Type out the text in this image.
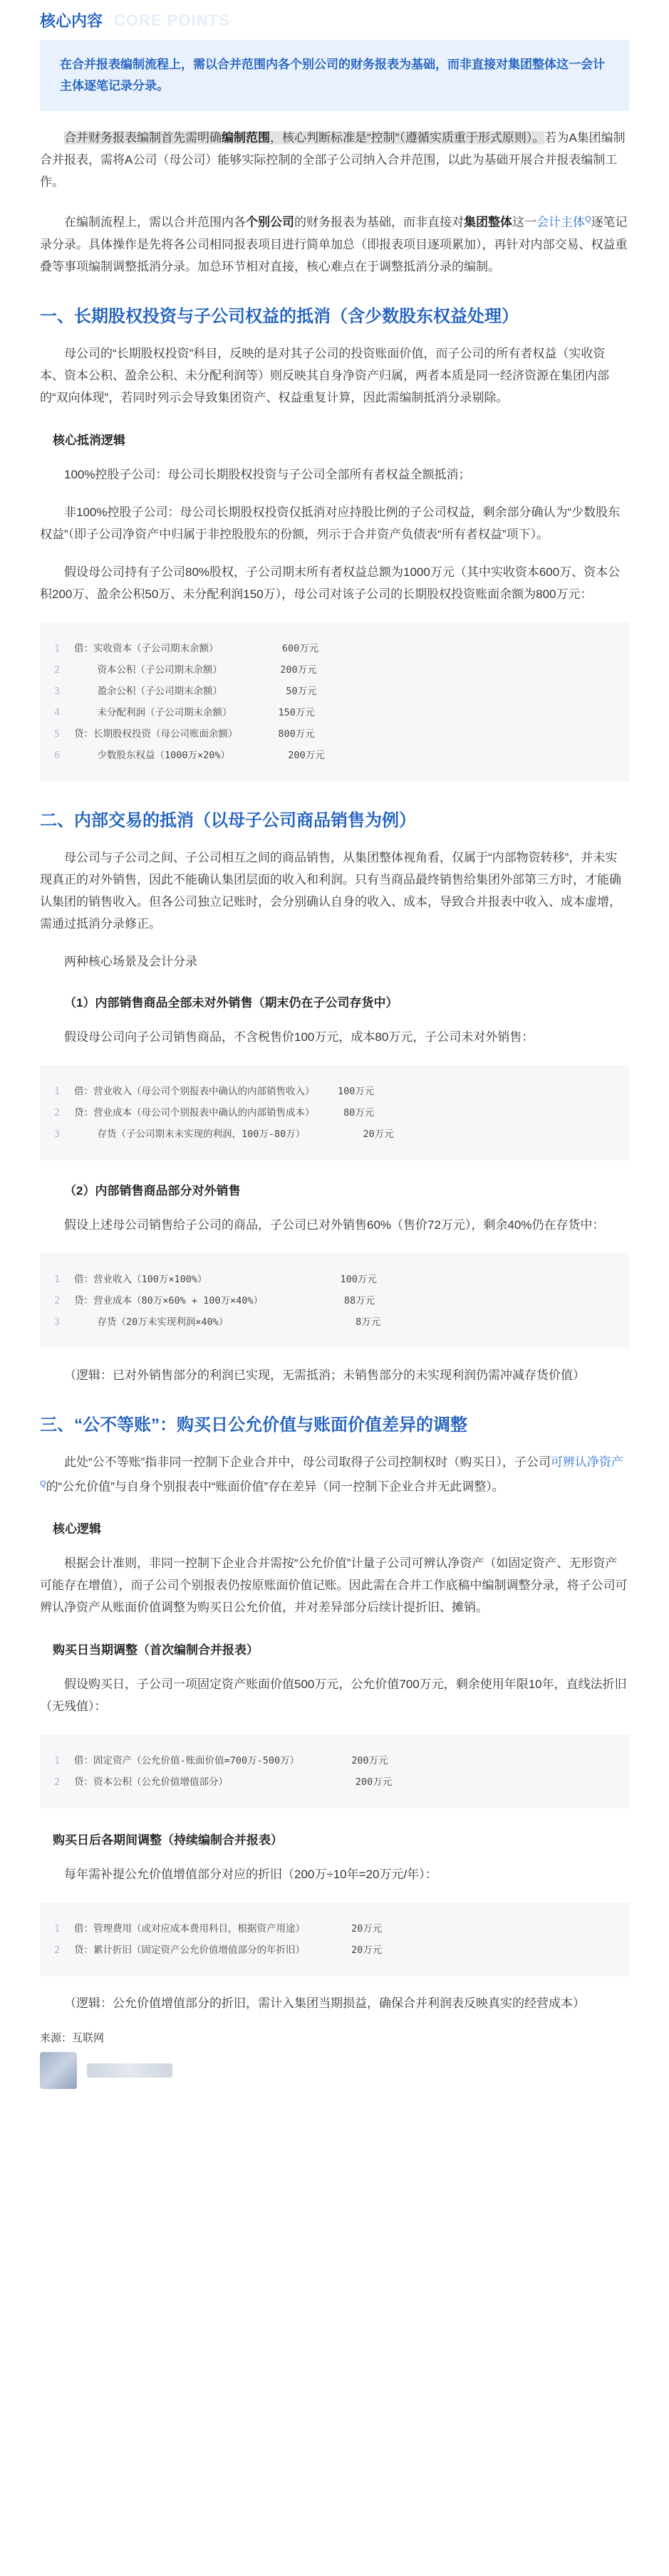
CORE POINTS
核心内容
在合并报表编制流程上，需以合并范围内各个别公司的财务报表为基础，而非直接对集团整体这一会计主体逐笔记录分录。

合并财务报表编制首先需明确编制范围，核心判断标准是“控制”（遵循实质重于形式原则）。若为A集团编制合并报表，需将A公司（母公司）能够实际控制的全部子公司纳入合并范围，以此为基础开展合并报表编制工作。

在编制流程上，需以合并范围内各个别公司的财务报表为基础，而非直接对集团整体这一会计主体$^Q$逐笔记录分录。具体操作是先将各公司相同报表项目进行简单加总（即报表项目逐项累加），再针对内部交易、权益重叠等事项编制调整抵消分录。加总环节相对直接，核心难点在于调整抵消分录的编制。

一、长期股权投资与子公司权益的抵消（含少数股东权益处理）

母公司的“长期股权投资”科目，反映的是对其子公司的投资账面价值，而子公司的所有者权益（实收资本、资本公积、盈余公积、未分配利润等）则反映其自身净资产归属，两者本质是同一经济资源在集团内部的“双向体现”，若同时列示会导致集团资产、权益重复计算，因此需编制抵消分录剔除。

核心抵消逻辑

100%控股子公司：母公司长期股权投资与子公司全部所有者权益全额抵消；

非100%控股子公司：母公司长期股权投资仅抵消对应持股比例的子公司权益，剩余部分确认为“少数股东权益”（即子公司净资产中归属于非控股股东的份额，列示于合并资产负债表“所有者权益”项下）。

假设母公司持有子公司80%股权，子公司期末所有者权益总额为1000万元（其中实收资本600万、资本公积200万、盈余公积50万、未分配利润150万），母公司对该子公司的长期股权投资账面余额为800万元：

1	借：实收资本（子公司期末余额）           600万元
2	资本公积（子公司期末余额）          200万元
3	盈余公积（子公司期末余额）           50万元
4	未分配利润（子公司期末余额）        150万元
5	贷：长期股权投资（母公司账面余额）       800万元
6	少数股东权益（1000万×20%）          200万元
二、内部交易的抵消（以母子公司商品销售为例）

母公司与子公司之间、子公司相互之间的商品销售，从集团整体视角看，仅属于“内部物资转移”，并未实现真正的对外销售，因此不能确认集团层面的收入和利润。只有当商品最终销售给集团外部第三方时，才能确认集团的销售收入。但各公司独立记账时，会分别确认自身的收入、成本，导致合并报表中收入、成本虚增，需通过抵消分录修正。

两种核心场景及会计分录

（1）内部销售商品全部未对外销售（期末仍在子公司存货中）

假设母公司向子公司销售商品，不含税售价100万元，成本80万元，子公司未对外销售：

1	借：营业收入（母公司个别报表中确认的内部销售收入）    100万元
2	贷：营业成本（母公司个别报表中确认的内部销售成本）     80万元
3	存货（子公司期末未实现的利润，100万-80万）          20万元
（2）内部销售商品部分对外销售

假设上述母公司销售给子公司的商品，子公司已对外销售60%（售价72万元），剩余40%仍在存货中：

1	借：营业收入（100万×100%）                       100万元
2	贷：营业成本（80万×60% + 100万×40%）              88万元
3	存货（20万未实现利润×40%）                      8万元

（逻辑：已对外销售部分的利润已实现，无需抵消；未销售部分的未实现利润仍需冲减存货价值）

三、“公不等账”：购买日公允价值与账面价值差异的调整

此处“公不等账”指非同一控制下企业合并中，母公司取得子公司控制权时（购买日），子公司可辨认净资产$^Q$的“公允价值”与自身个别报表中“账面价值”存在差异（同一控制下企业合并无此调整）。

核心逻辑

根据会计准则，非同一控制下企业合并需按“公允价值”计量子公司可辨认净资产（如固定资产、无形资产可能存在增值），而子公司个别报表仍按原账面价值记账。因此需在合并工作底稿中编制调整分录，将子公司可辨认净资产从账面价值调整为购买日公允价值，并对差异部分后续计提折旧、摊销。

购买日当期调整（首次编制合并报表）

假设购买日，子公司一项固定资产账面价值500万元，公允价值700万元，剩余使用年限10年，直线法折旧（无残值）：

1	借：固定资产（公允价值-账面价值=700万-500万）         200万元
2	贷：资本公积（公允价值增值部分）                      200万元
购买日后各期间调整（持续编制合并报表）

每年需补提公允价值增值部分对应的折旧（200万÷10年=20万元/年）：

1	借：管理费用（或对应成本费用科目，根据资产用途）        20万元
2	贷：累计折旧（固定资产公允价值增值部分的年折旧）        20万元

（逻辑：公允价值增值部分的折旧，需计入集团当期损益，确保合并利润表反映真实的经营成本）

来源：互联网
